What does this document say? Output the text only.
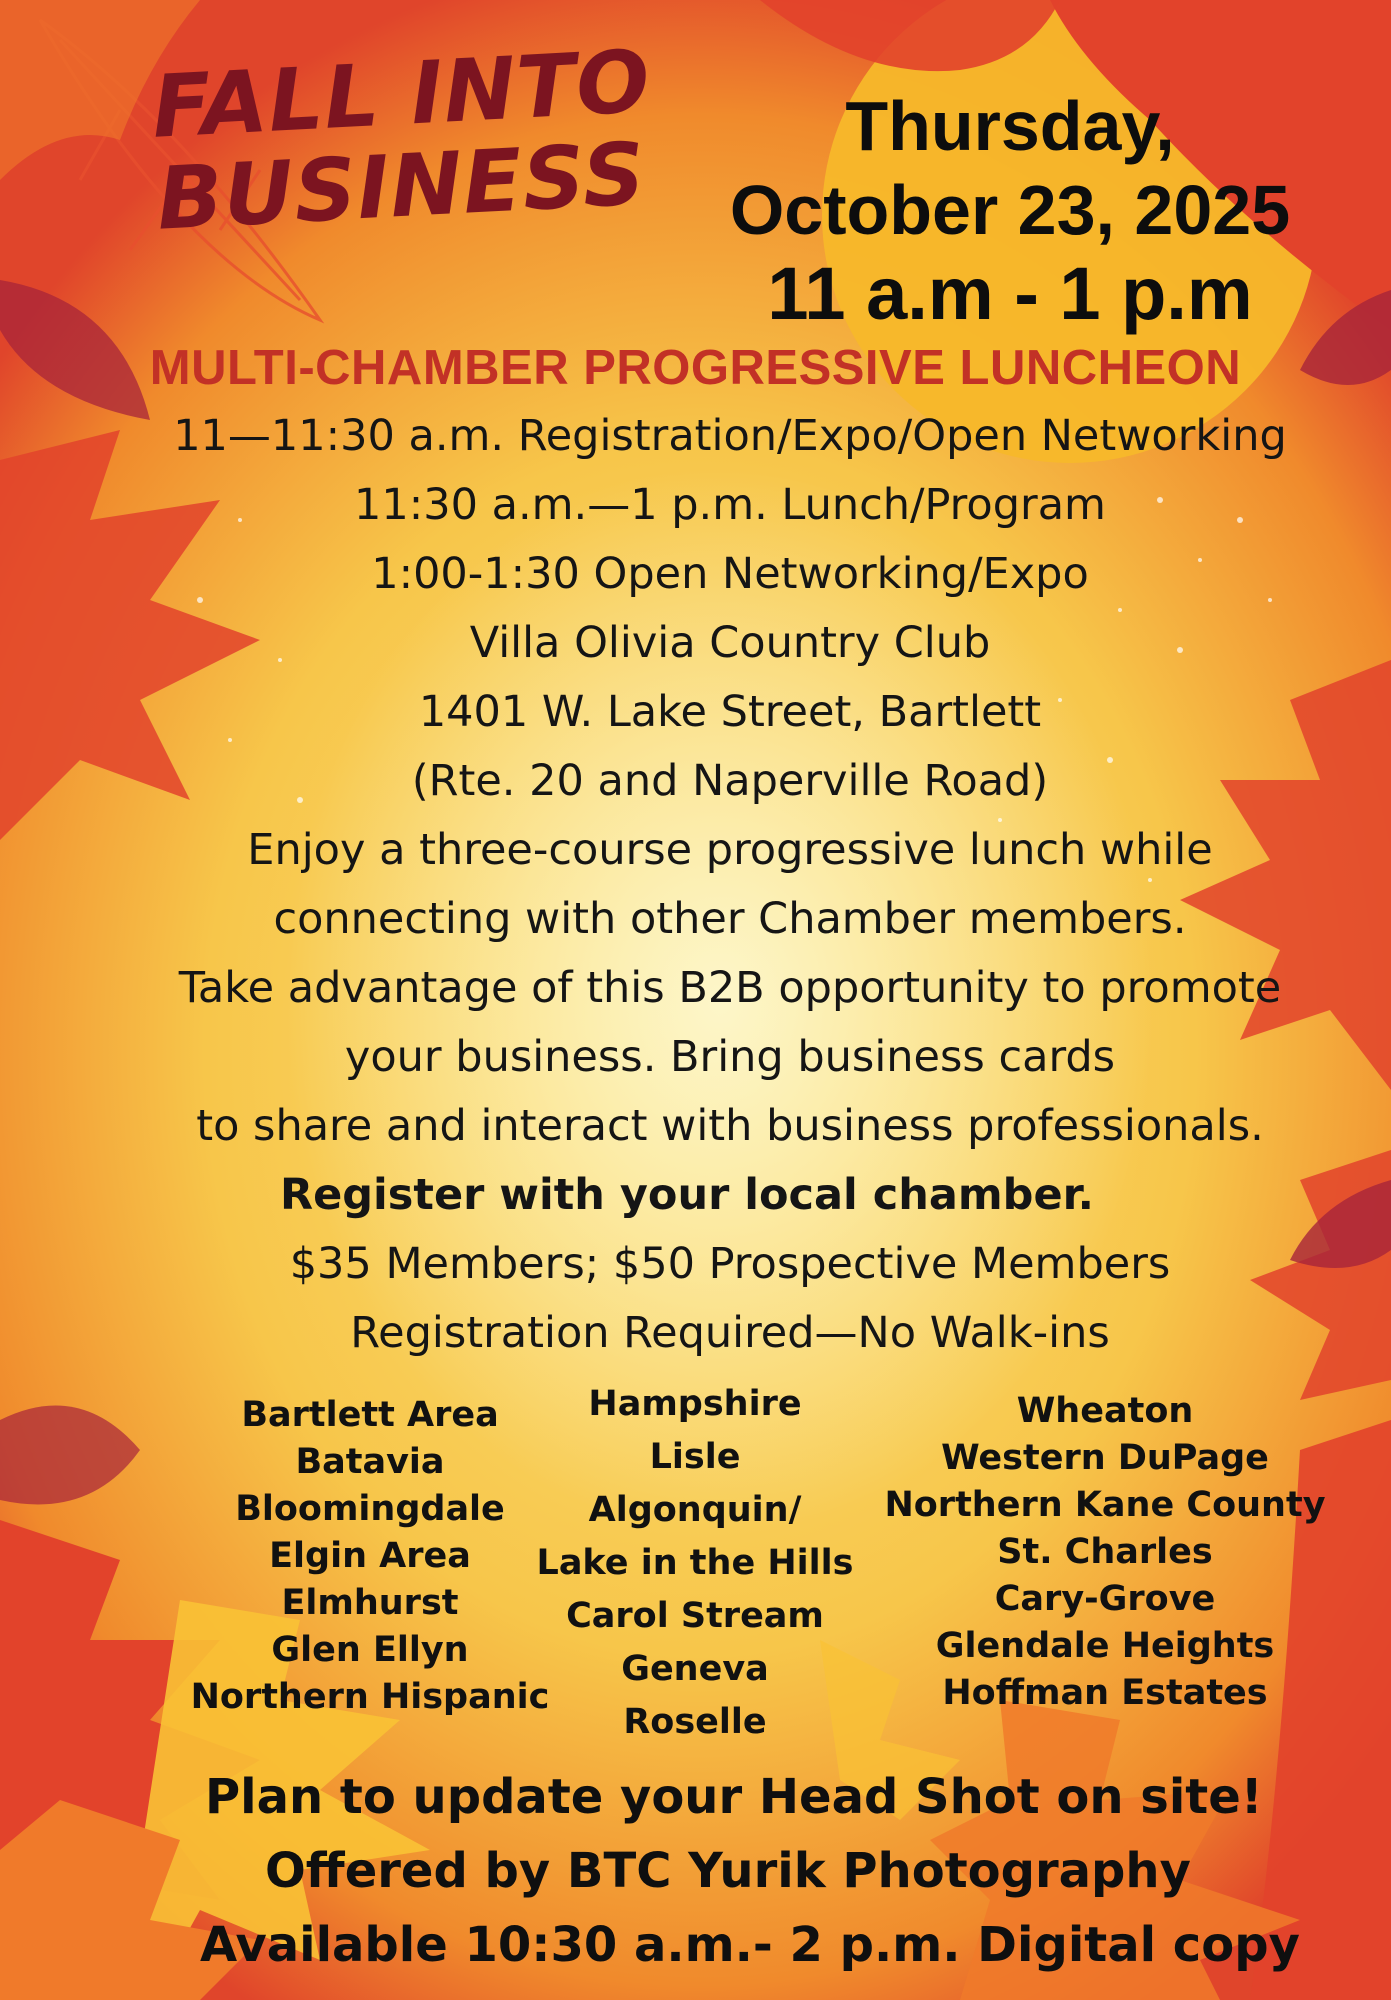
FALL INTO
BUSINESS	Thursday,
October 23, 2025
11 a.m - 1 p.m
MULTI-CHAMBER PROGRESSIVE LUNCHEON
11—11:30 a.m. Registration/Expo/Open Networking
11:30 a.m.—1 p.m. Lunch/Program
1:00-1:30 Open Networking/Expo
Villa Olivia Country Club
1401 W. Lake Street, Bartlett
(Rte. 20 and Naperville Road)
Enjoy a three-course progressive lunch while
connecting with other Chamber members.
Take advantage of this B2B opportunity to promote
your business. Bring business cards
to share and interact with business professionals.
Register with your local chamber.
$35 Members; $50 Prospective Members
Registration Required—No Walk-ins
Bartlett Area
Batavia
Bloomingdale
Elgin Area
Elmhurst
Glen Ellyn
Northern Hispanic
Hampshire
Lisle
Algonquin/
Lake in the Hills
Carol Stream
Geneva
Roselle
Wheaton
Western DuPage
Northern Kane County
St. Charles
Cary-Grove
Glendale Heights
Hoffman Estates
Plan to update your Head Shot on site!
Offered by BTC Yurik Photography
Available 10:30 a.m.- 2 p.m. Digital copy
